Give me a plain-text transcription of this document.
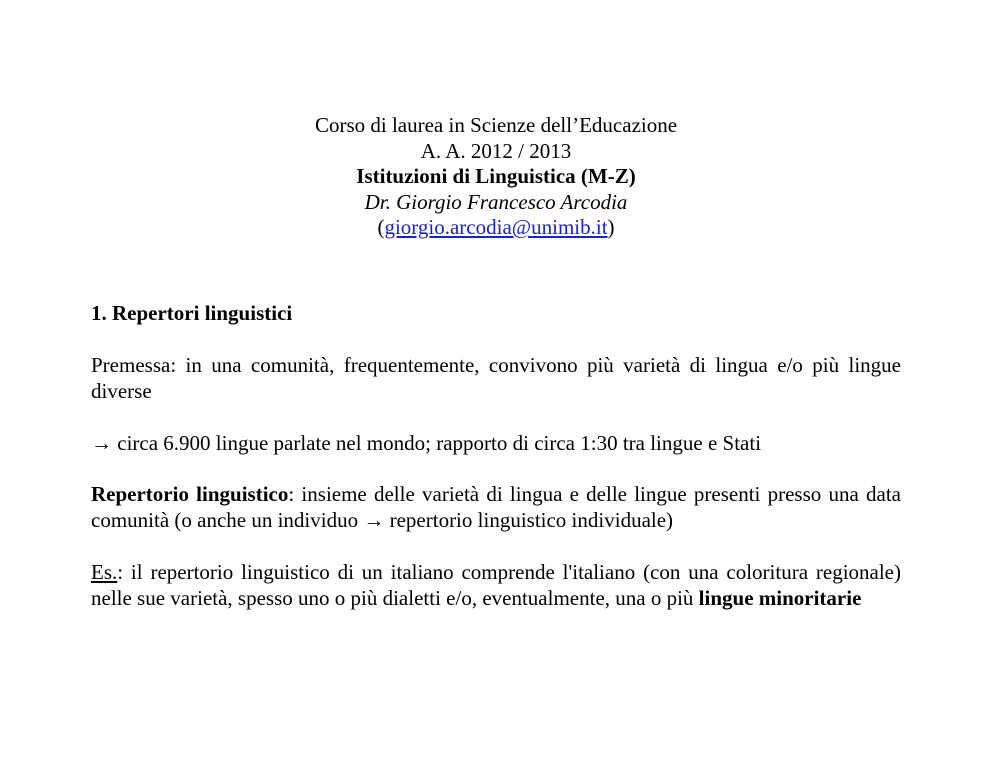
Corso di laurea in Scienze dell’Educazione
A. A. 2012 / 2013
Istituzioni di Linguistica (M-Z)
Dr. Giorgio Francesco Arcodia
(giorgio.arcodia@unimib.it)
1. Repertori linguistici

Premessa: in una comunità, frequentemente, convivono più varietà di lingua e/o più lingue diverse

→ circa 6.900 lingue parlate nel mondo; rapporto di circa 1:30 tra lingue e Stati

Repertorio linguistico: insieme delle varietà di lingua e delle lingue presenti presso una data comunità (o anche un individuo → repertorio linguistico individuale)

Es.: il repertorio linguistico di un italiano comprende l'italiano (con una coloritura regionale) nelle sue varietà, spesso uno o più dialetti e/o, eventualmente, una o più lingue minoritarie
